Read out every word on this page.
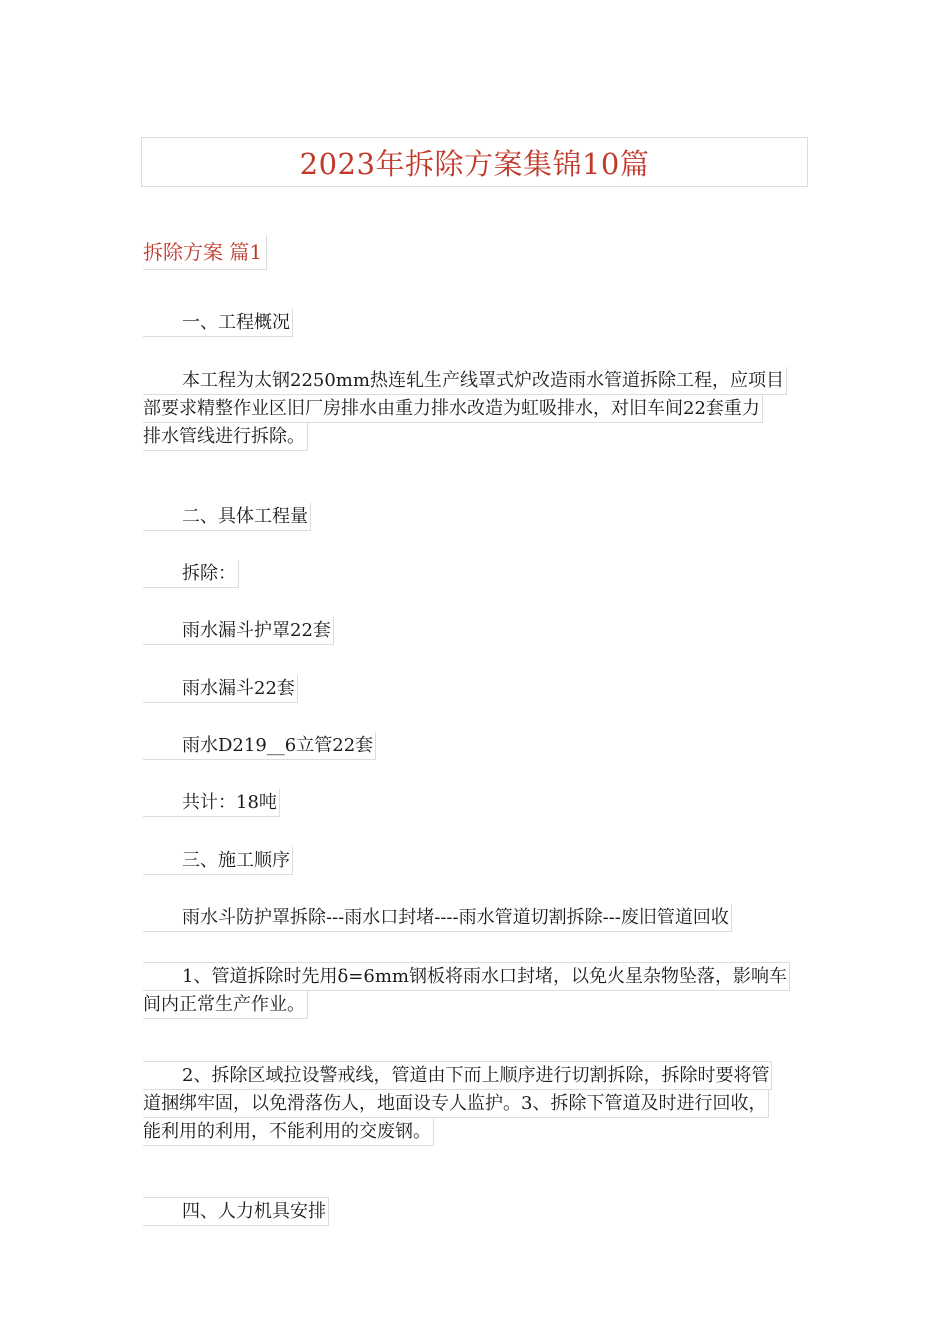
2023年拆除方案集锦10篇
拆除方案 篇1
一、工程概况
本工程为太钢2250mm热连轧生产线罩式炉改造雨水管道拆除工程，应项目
部要求精整作业区旧厂房排水由重力排水改造为虹吸排水，对旧车间22套重力
排水管线进行拆除。
二、具体工程量
拆除：
雨水漏斗护罩22套
雨水漏斗22套
雨水D219__6立管22套
共计：18吨
三、施工顺序
雨水斗防护罩拆除---雨水口封堵----雨水管道切割拆除---废旧管道回收
1、管道拆除时先用δ=6mm钢板将雨水口封堵，以免火星杂物坠落，影响车
间内正常生产作业。
2、拆除区域拉设警戒线，管道由下而上顺序进行切割拆除，拆除时要将管
道捆绑牢固，以免滑落伤人，地面设专人监护。3、拆除下管道及时进行回收，
能利用的利用，不能利用的交废钢。
四、人力机具安排
